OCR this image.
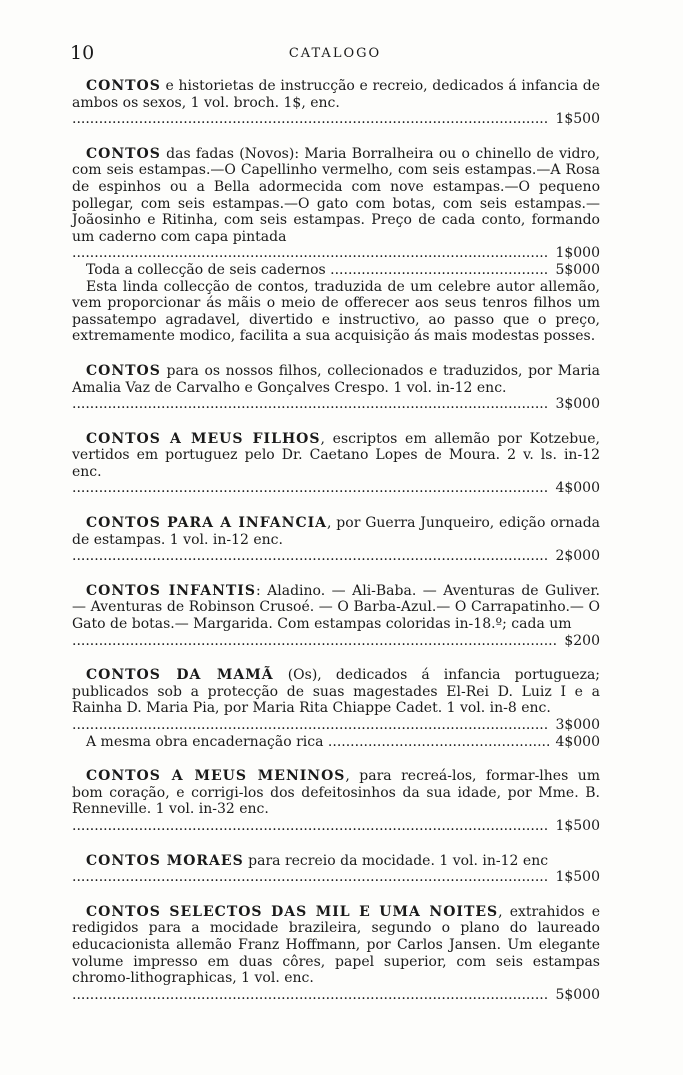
10	CATALOGO

CONTOS e historietas de instrucção e recreio, dedicados á infancia de ambos os sexos, 1 vol. broch. 1$, enc.

1$500
.....

CONTOS das fadas (Novos): Maria Borralheira ou o chinello de vidro, com seis estampas.—O Capellinho vermelho, com seis estampas.—A Rosa de espinhos ou a Bella adormecida com nove estampas.—O pequeno pollegar, com seis estampas.—O gato com botas, com seis estampas.—Joãosinho e Ritinha, com seis estampas. Preço de cada conto, formando um caderno com capa pintada

1$000
.....
5$000
Toda a collecção de seis cadernos .....

Esta linda collecção de contos, traduzida de um celebre autor allemão, vem proporcionar ás mãis o meio de offerecer aos seus tenros filhos um passatempo agradavel, divertido e instructivo, ao passo que o preço, extremamente modico, facilita a sua acquisição ás mais modestas posses.

CONTOS para os nossos filhos, collecionados e traduzidos, por Maria Amalia Vaz de Carvalho e Gonçalves Crespo. 1 vol. in-12 enc.

3$000
.....

CONTOS A MEUS FILHOS, escriptos em allemão por Kotzebue, vertidos em portuguez pelo Dr. Caetano Lopes de Moura. 2 v. ls. in-12 enc.

4$000
.....

CONTOS PARA A INFANCIA, por Guerra Junqueiro, edição ornada de estampas. 1 vol. in-12 enc.

2$000
.....

CONTOS INFANTIS: Aladino. — Ali-Baba. — Aventuras de Guliver. — Aventuras de Robinson Crusoé. — O Barba-Azul.— O Carrapatinho.— O Gato de botas.— Margarida. Com estampas coloridas in-18.º; cada um

$200
.....

CONTOS DA MAMÃ (Os), dedicados á infancia portugueza; publicados sob a protecção de suas magestades El-Rei D. Luiz I e a Rainha D. Maria Pia, por Maria Rita Chiappe Cadet. 1 vol. in-8 enc.

3$000
.....
4$000
A mesma obra encadernação rica .....

CONTOS A MEUS MENINOS, para recreá-los, formar-lhes um bom coração, e corrigi-los dos defeitosinhos da sua idade, por Mme. B. Renneville. 1 vol. in-32 enc.

1$500
.....

CONTOS MORAES para recreio da mocidade. 1 vol. in-12 enc

1$500
.....

CONTOS SELECTOS DAS MIL E UMA NOITES, extrahidos e redigidos para a mocidade brazileira, segundo o plano do laureado educacionista allemão Franz Hoffmann, por Carlos Jansen. Um elegante volume impresso em duas côres, papel superior, com seis estampas chromo-lithographicas, 1 vol. enc.

5$000
.....
